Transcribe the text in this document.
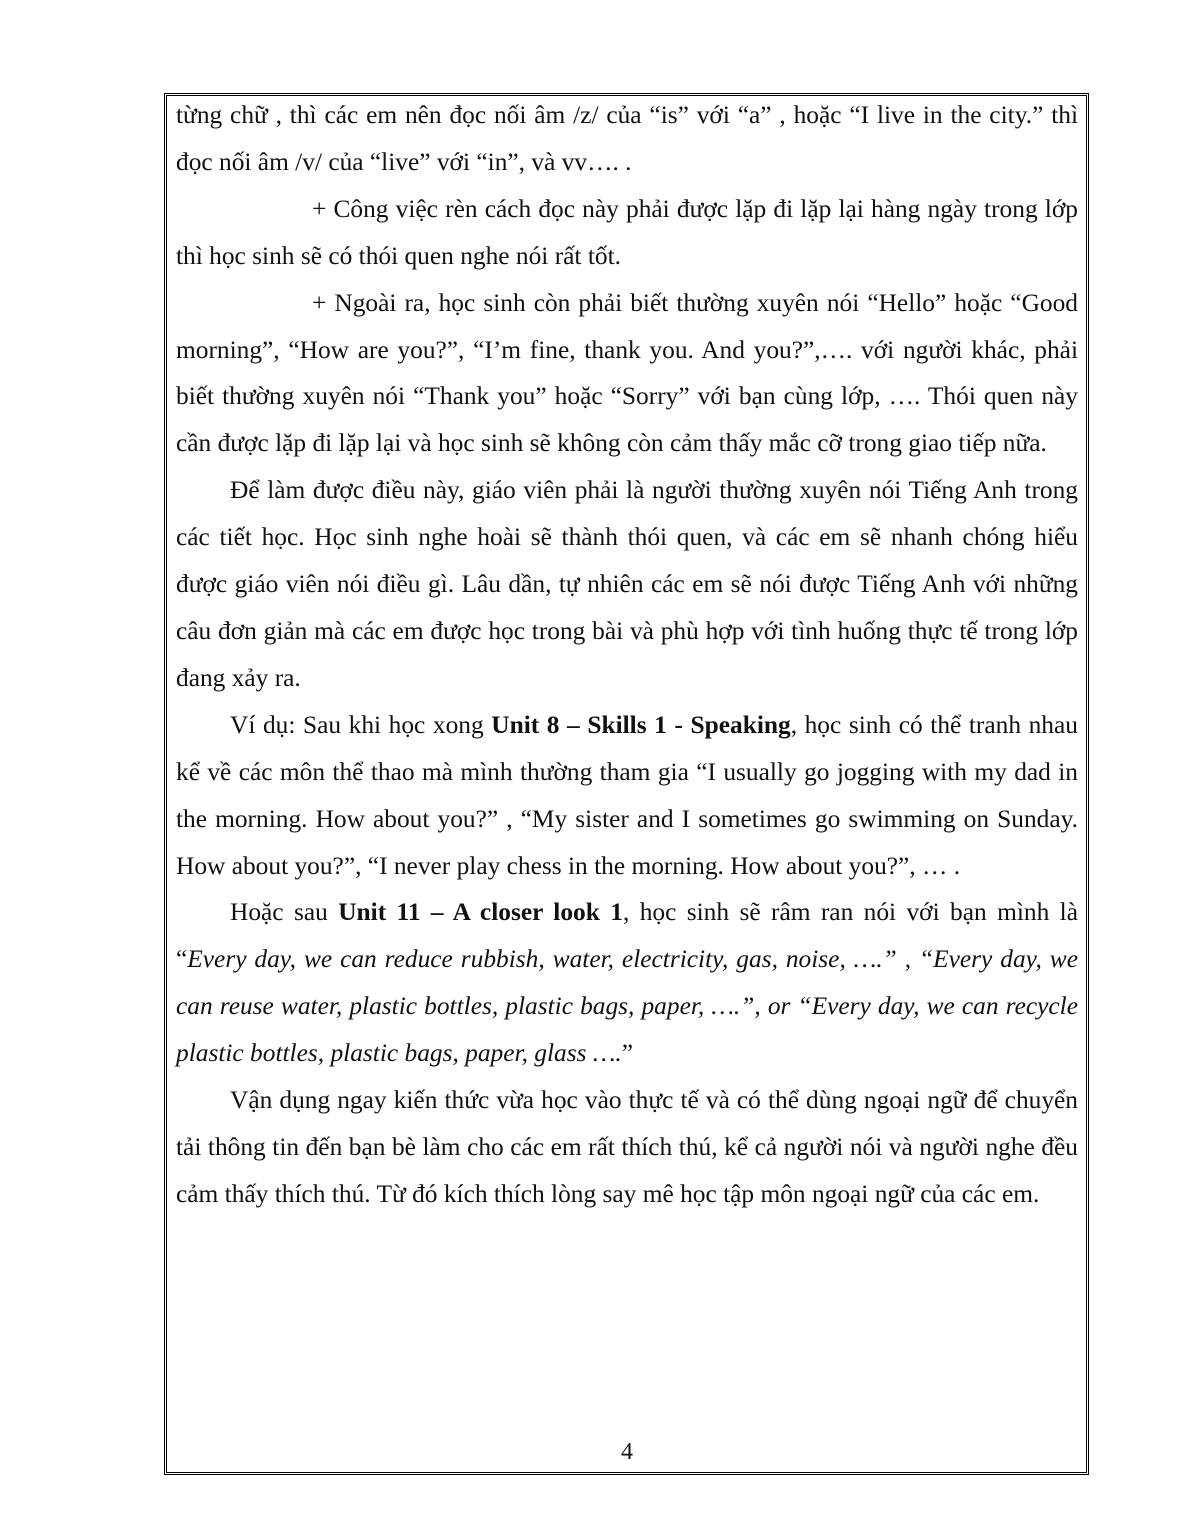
từng chữ , thì các em nên đọc nối âm /z/ của “is” với “a” , hoặc “I live in the city.” thì đọc nối âm /v/ của “live” với “in”, và vv…. .

+ Công việc rèn cách đọc này phải được lặp đi lặp lại hàng ngày trong lớp thì học sinh sẽ có thói quen nghe nói rất tốt.

+ Ngoài ra, học sinh còn phải biết thường xuyên nói “Hello” hoặc “Good morning”, “How are you?”, “I’m fine, thank you. And you?”,…. với người khác, phải biết thường xuyên nói “Thank you” hoặc “Sorry” với bạn cùng lớp, …. Thói quen này cần được lặp đi lặp lại và học sinh sẽ không còn cảm thấy mắc cỡ trong giao tiếp nữa.

Để làm được điều này, giáo viên phải là người thường xuyên nói Tiếng Anh trong các tiết học. Học sinh nghe hoài sẽ thành thói quen, và các em sẽ nhanh chóng hiểu được giáo viên nói điều gì. Lâu dần, tự nhiên các em sẽ nói được Tiếng Anh với những câu đơn giản mà các em được học trong bài và phù hợp với tình huống thực tế trong lớp đang xảy ra.

Ví dụ: Sau khi học xong Unit 8 – Skills 1 - Speaking, học sinh có thể tranh nhau kể về các môn thể thao mà mình thường tham gia “I usually go jogging with my dad in the morning. How about you?” , “My sister and I sometimes go swimming on Sunday. How about you?”, “I never play chess in the morning. How about you?”, … .

Hoặc sau Unit 11 – A closer look 1, học sinh sẽ râm ran nói với bạn mình là “Every day, we can reduce rubbish, water, electricity, gas, noise, ….” , “Every day, we can reuse water, plastic bottles, plastic bags, paper, ….”, or “Every day, we can recycle plastic bottles, plastic bags, paper, glass ….”

Vận dụng ngay kiến thức vừa học vào thực tế và có thể dùng ngoại ngữ để chuyển tải thông tin đến bạn bè làm cho các em rất thích thú, kể cả người nói và người nghe đều cảm thấy thích thú. Từ đó kích thích lòng say mê học tập môn ngoại ngữ của các em.

4
